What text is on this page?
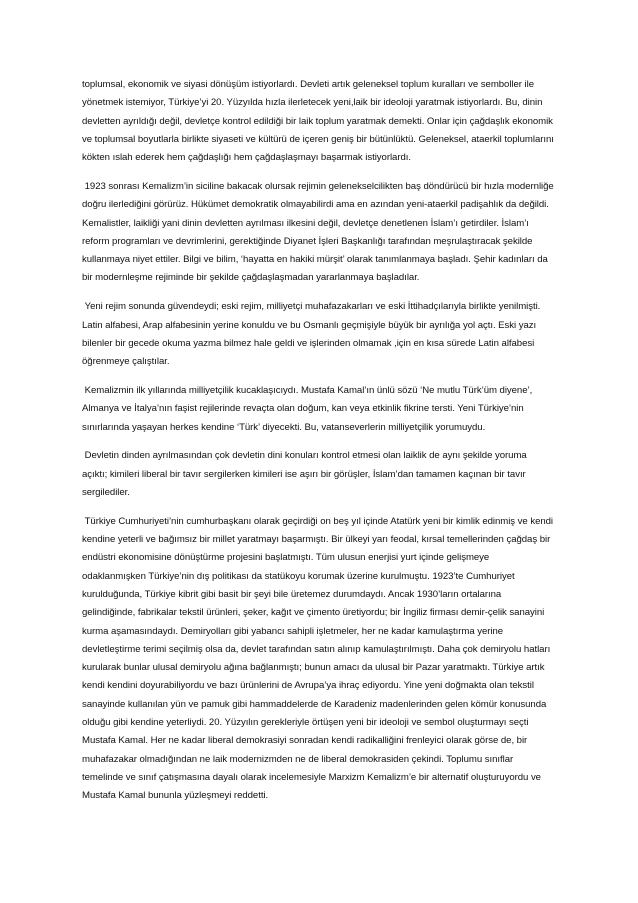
toplumsal, ekonomik ve siyasi dönüşüm istiyorlardı. Devleti artık geleneksel toplum kuralları ve semboller ile yönetmek istemiyor, Türkiye’yi 20. Yüzyılda hızla ilerletecek yeni,laik bir ideoloji yaratmak istiyorlardı. Bu, dinin devletten ayrıldığı değil, devletçe kontrol edildiği bir laik toplum yaratmak demekti. Onlar için çağdaşlık ekonomik ve toplumsal boyutlarla birlikte siyaseti ve kültürü de içeren geniş bir bütünlüktü. Geleneksel, ataerkil toplumlarını kökten ıslah ederek hem çağdaşlığı hem çağdaşlaşmayı başarmak istiyorlardı.

1923 sonrası Kemalizm’in siciline bakacak olursak rejimin gelenekselcilikten baş döndürücü bir hızla modernliğe doğru ilerlediğini görürüz. Hükümet demokratik olmayabilirdi ama en azından yeni-ataerkil padişahlık da değildi. Kemalistler, laikliği yani dinin devletten ayrılması ilkesini değil, devletçe denetlenen İslam’ı getirdiler. İslam’ı reform programları ve devrimlerini, gerektiğinde Diyanet İşleri Başkanlığı tarafından meşrulaştıracak şekilde kullanmaya niyet ettiler. Bilgi ve bilim, ‘hayatta en hakiki mürşit’ olarak tanımlanmaya başladı. Şehir kadınları da bir modernleşme rejiminde bir şekilde çağdaşlaşmadan yararlanmaya başladılar.

Yeni rejim sonunda güvendeydi; eski rejim, milliyetçi muhafazakarları ve eski İttihadçılarıyla birlikte yenilmişti. Latin alfabesi, Arap alfabesinin yerine konuldu ve bu Osmanlı geçmişiyle büyük bir ayrılığa yol açtı. Eski yazı bilenler bir gecede okuma yazma bilmez hale geldi ve işlerinden olmamak ,için en kısa sürede Latin alfabesi öğrenmeye çalıştılar.

Kemalizmin ilk yıllarında milliyetçilik kucaklaşıcıydı. Mustafa Kamal’ın ünlü sözü ‘Ne mutlu Türk’üm diyene’, Almanya ve İtalya’nın faşist rejilerinde revaçta olan doğum, kan veya etkinlik fikrine tersti. Yeni Türkiye’nin sınırlarında yaşayan herkes kendine ‘Türk’ diyecekti. Bu, vatanseverlerin milliyetçilik yorumuydu.

Devletin dinden ayrılmasından çok devletin dini konuları kontrol etmesi olan laiklik de aynı şekilde yoruma açıktı; kimileri liberal bir tavır sergilerken kimileri ise aşırı bir görüşler, İslam’dan tamamen kaçınan bir tavır sergilediler.

Türkiye Cumhuriyeti’nin cumhurbaşkanı olarak geçirdiği on beş yıl içinde Atatürk yeni bir kimlik edinmiş ve kendi kendine yeterli ve bağımsız bir millet yaratmayı başarmıştı. Bir ülkeyi yarı feodal, kırsal temellerinden çağdaş bir endüstri ekonomisine dönüştürme projesini başlatmıştı. Tüm ulusun enerjisi yurt içinde gelişmeye odaklanmışken Türkiye’nin dış politikası da statükoyu korumak üzerine kurulmuştu. 1923’te Cumhuriyet kurulduğunda, Türkiye kibrit gibi basit bir şeyi bile üretemez durumdaydı. Ancak 1930’ların ortalarına gelindiğinde, fabrikalar tekstil ürünleri, şeker, kağıt ve çimento üretiyordu; bir İngiliz firması demir-çelik sanayini kurma aşamasındaydı. Demiryolları gibi yabancı sahipli işletmeler, her ne kadar kamulaştırma yerine devletleştirme terimi seçilmiş olsa da, devlet tarafından satın alınıp kamulaştırılmıştı. Daha çok demiryolu hatları kurularak bunlar ulusal demiryolu ağına bağlanmıştı; bunun amacı da ulusal bir Pazar yaratmaktı. Türkiye artık kendi kendini doyurabiliyordu ve bazı ürünlerini de Avrupa’ya ihraç ediyordu. Yine yeni doğmakta olan tekstil sanayinde kullanılan yün ve pamuk gibi hammaddelerde de Karadeniz madenlerinden gelen kömür konusunda olduğu gibi kendine yeterliydi. 20. Yüzyılın gerekleriyle örtüşen yeni bir ideoloji ve sembol oluşturmayı seçti Mustafa Kamal. Her ne kadar liberal demokrasiyi sonradan kendi radikalliğini frenleyici olarak görse de, bir muhafazakar olmadığından ne laik modernizmden ne de liberal demokrasiden çekindi. Toplumu sınıflar temelinde ve sınıf çatışmasına dayalı olarak incelemesiyle Marxizm Kemalizm’e bir alternatif oluşturuyordu ve Mustafa Kamal bununla yüzleşmeyi reddetti.
